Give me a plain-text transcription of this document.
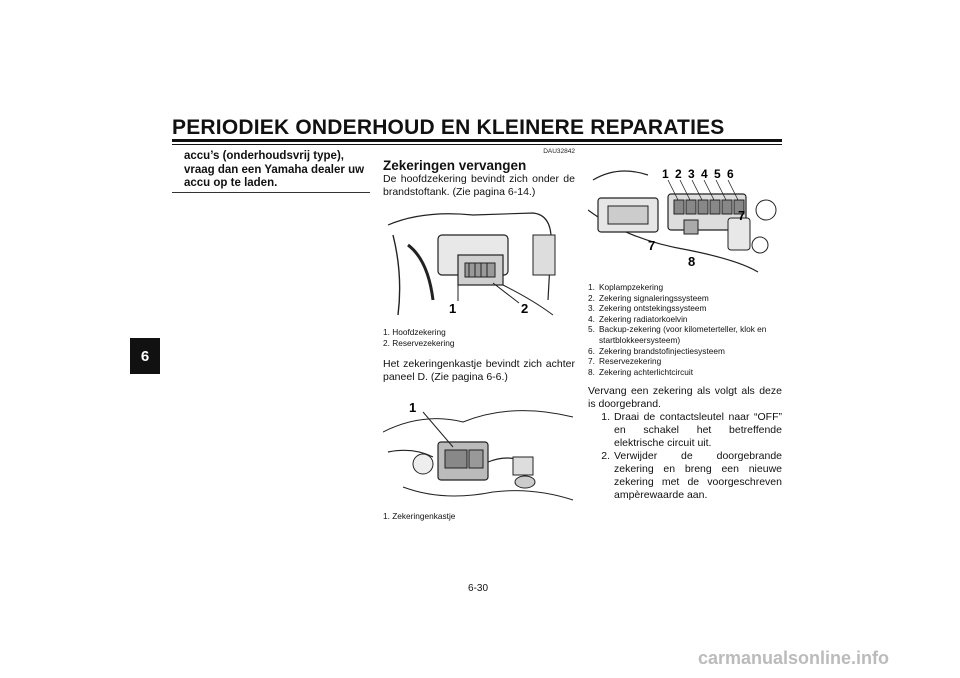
PERIODIEK ONDERHOUD EN KLEINERE REPARATIES
6
accu’s (onderhoudsvrij type), vraag dan een Yamaha dealer uw accu op te laden.
DAU32842
Zekeringen vervangen
De hoofdzekering bevindt zich onder de brandstoftank. (Zie pagina 6-14.)
1	2
1. Hoofdzekering
2. Reservezekering
Het zekeringenkastje bevindt zich achter paneel D. (Zie pagina 6-6.)
1
1. Zekeringenkastje
1 2 3 4 5 6
7
7
8
1. Koplampzekering
2. Zekering signaleringssysteem
3. Zekering ontstekingssysteem
4. Zekering radiatorkoelvin
5. Backup-zekering (voor kilometerteller, klok en startblokkeersysteem)
6. Zekering brandstofinjectiesysteem
7. Reservezekering
8. Zekering achterlichtcircuit
Vervang een zekering als volgt als deze is doorgebrand.
1. Draai de contactsleutel naar “OFF” en schakel het betreffende elektrische circuit uit.
2. Verwijder de doorgebrande zekering en breng een nieuwe zekering met de voorgeschreven ampèrewaarde aan.
6-30
carmanualsonline.info
